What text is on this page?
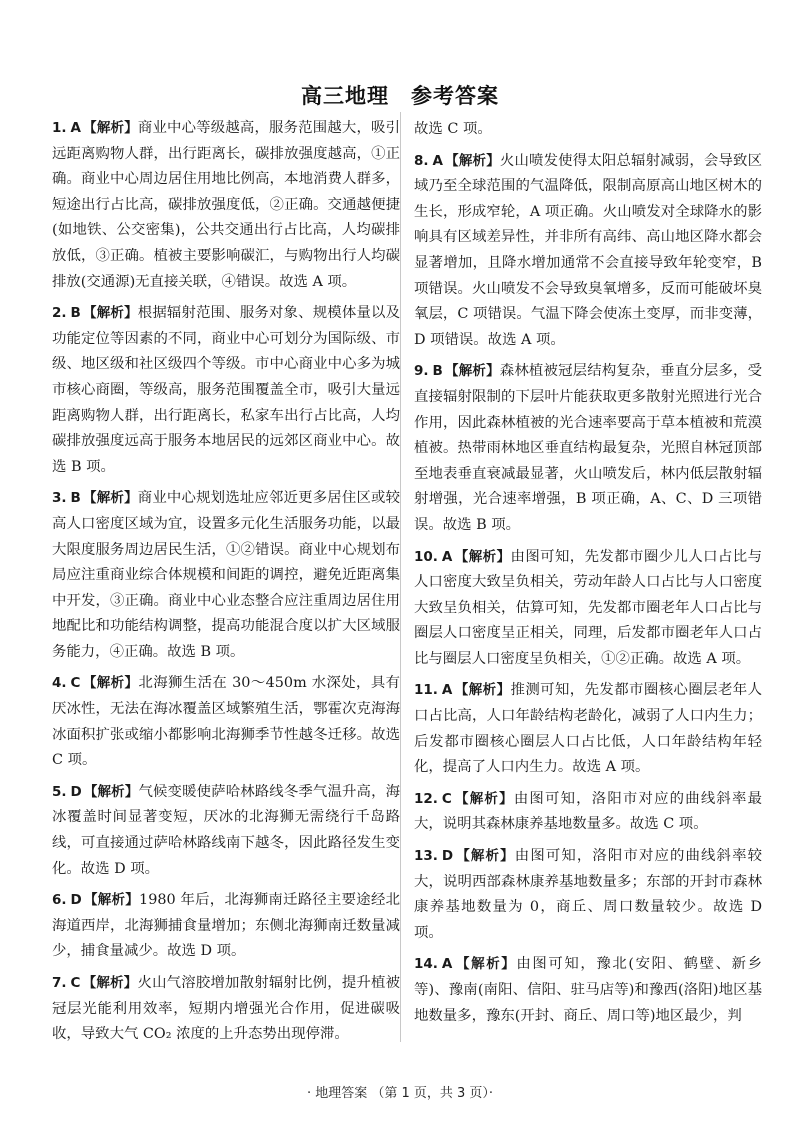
高三地理 参考答案
1. A 【解析】商业中心等级越高，服务范围越大，吸引远距离购物人群，出行距离长，碳排放强度越高，①正确。商业中心周边居住用地比例高，本地消费人群多，短途出行占比高，碳排放强度低，②正确。交通越便捷(如地铁、公交密集)，公共交通出行占比高，人均碳排放低，③正确。植被主要影响碳汇，与购物出行人均碳排放(交通源)无直接关联，④错误。故选 A 项。
2. B 【解析】根据辐射范围、服务对象、规模体量以及功能定位等因素的不同，商业中心可划分为国际级、市级、地区级和社区级四个等级。市中心商业中心多为城市核心商圈，等级高，服务范围覆盖全市，吸引大量远距离购物人群，出行距离长，私家车出行占比高，人均碳排放强度远高于服务本地居民的远郊区商业中心。故选 B 项。
3. B 【解析】商业中心规划选址应邻近更多居住区或较高人口密度区域为宜，设置多元化生活服务功能，以最大限度服务周边居民生活，①②错误。商业中心规划布局应注重商业综合体规模和间距的调控，避免近距离集中开发，③正确。商业中心业态整合应注重周边居住用地配比和功能结构调整，提高功能混合度以扩大区域服务能力，④正确。故选 B 项。
4. C 【解析】北海狮生活在 30～450m 水深处，具有厌冰性，无法在海冰覆盖区域繁殖生活，鄂霍次克海海冰面积扩张或缩小都影响北海狮季节性越冬迁移。故选 C 项。
5. D 【解析】气候变暖使萨哈林路线冬季气温升高，海冰覆盖时间显著变短，厌冰的北海狮无需绕行千岛路线，可直接通过萨哈林路线南下越冬，因此路径发生变化。故选 D 项。
6. D 【解析】1980 年后，北海狮南迁路径主要途经北海道西岸，北海狮捕食量增加；东侧北海狮南迁数量减少，捕食量减少。故选 D 项。
7. C 【解析】火山气溶胶增加散射辐射比例，提升植被冠层光能利用效率，短期内增强光合作用，促进碳吸收，导致大气 CO₂ 浓度的上升态势出现停滞。
故选 C 项。
8. A 【解析】火山喷发使得太阳总辐射减弱，会导致区域乃至全球范围的气温降低，限制高原高山地区树木的生长，形成窄轮，A 项正确。火山喷发对全球降水的影响具有区域差异性，并非所有高纬、高山地区降水都会显著增加，且降水增加通常不会直接导致年轮变窄，B 项错误。火山喷发不会导致臭氧增多，反而可能破坏臭氧层，C 项错误。气温下降会使冻土变厚，而非变薄，D 项错误。故选 A 项。
9. B 【解析】森林植被冠层结构复杂，垂直分层多，受直接辐射限制的下层叶片能获取更多散射光照进行光合作用，因此森林植被的光合速率要高于草本植被和荒漠植被。热带雨林地区垂直结构最复杂，光照自林冠顶部至地表垂直衰减最显著，火山喷发后，林内低层散射辐射增强，光合速率增强，B 项正确，A、C、D 三项错误。故选 B 项。
10. A 【解析】由图可知，先发都市圈少儿人口占比与人口密度大致呈负相关，劳动年龄人口占比与人口密度大致呈负相关，估算可知，先发都市圈老年人口占比与圈层人口密度呈正相关，同理，后发都市圈老年人口占比与圈层人口密度呈负相关，①②正确。故选 A 项。
11. A 【解析】推测可知，先发都市圈核心圈层老年人口占比高，人口年龄结构老龄化，减弱了人口内生力；后发都市圈核心圈层人口占比低，人口年龄结构年轻化，提高了人口内生力。故选 A 项。
12. C 【解析】由图可知，洛阳市对应的曲线斜率最大，说明其森林康养基地数量多。故选 C 项。
13. D 【解析】由图可知，洛阳市对应的曲线斜率较大，说明西部森林康养基地数量多；东部的开封市森林康养基地数量为 0，商丘、周口数量较少。故选 D 项。
14. A 【解析】由图可知，豫北(安阳、鹤壁、新乡等)、豫南(南阳、信阳、驻马店等)和豫西(洛阳)地区基地数量多，豫东(开封、商丘、周口等)地区最少，判
· 地理答案 （第 1 页，共 3 页）·
